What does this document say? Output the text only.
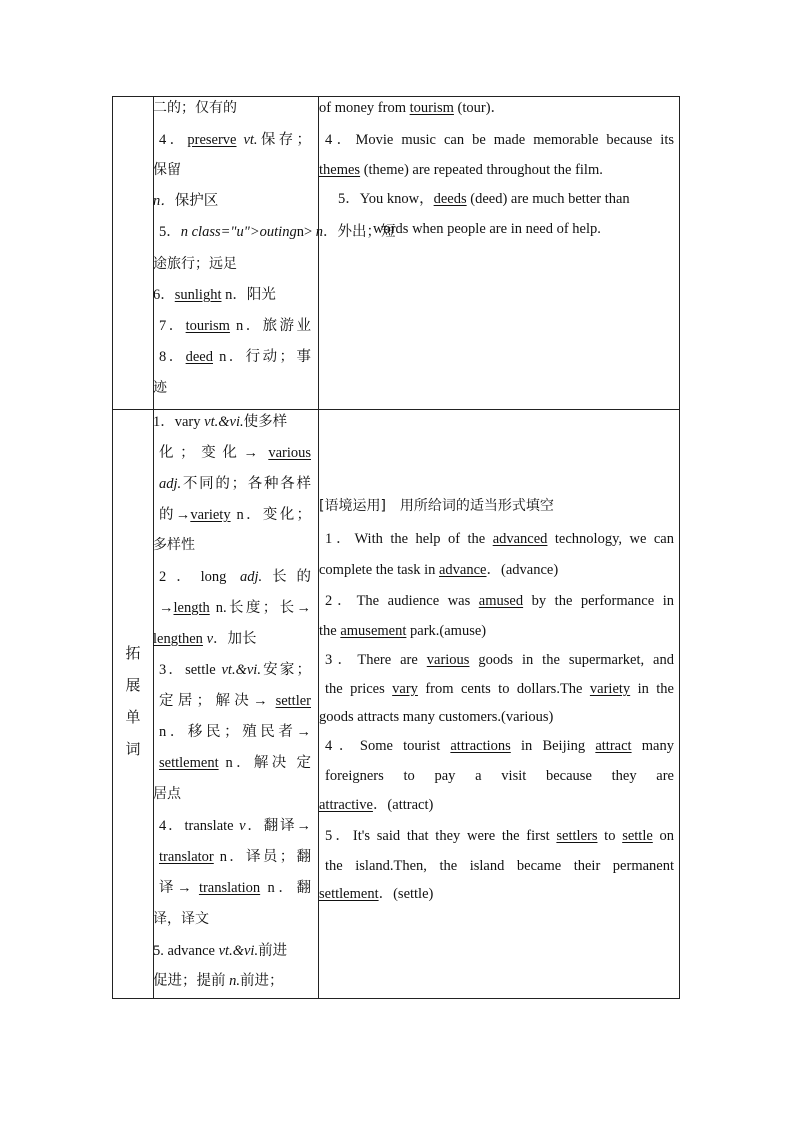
二的；仅有的
4．preserve vt.保存；
保留
n．保护区
5．n class="u">outingn> n．外出；短
途旅行；远足
6．sunlight n．阳光
7．tourism n．旅游业
8．deed n．行动；事
迹
of money from tourism (tour)．
4．Movie music can be made memorable because its
themes (theme) are repeated throughout the film.
5．You know，deeds (deed) are much better than
words when people are in need of help.
拓
展
单
词
1．vary vt.&vi.使多样
化；变化→ various
adj.不同的；各种各样
的→variety n．变化；
多样性
2．long adj.长的
→length n.长度；长→
lengthen v．加长
3．settle vt.&vi.安家；
定居；解决→ settler
n．移民；殖民者→
settlement n．解决 定
居点
4．translate v．翻译→
translator n．译员；翻
译→ translation n．翻
译，译文
5. advance vt.&vi.前进
促进；提前 n.前进；
[语境运用]　用所给词的适当形式填空
1．With the help of the advanced technology, we can
complete the task in advance．(advance)
2．The audience was amused by the performance in
the amusement park.(amuse)
3．There are various goods in the supermarket, and
the prices vary from cents to dollars.The variety in the
goods attracts many customers.(various)
4．Some tourist attractions in Beijing attract many
foreigners to pay a visit because they are
attractive．(attract)
5．It's said that they were the first settlers to settle on
the island.Then, the island became their permanent
settlement．(settle)
